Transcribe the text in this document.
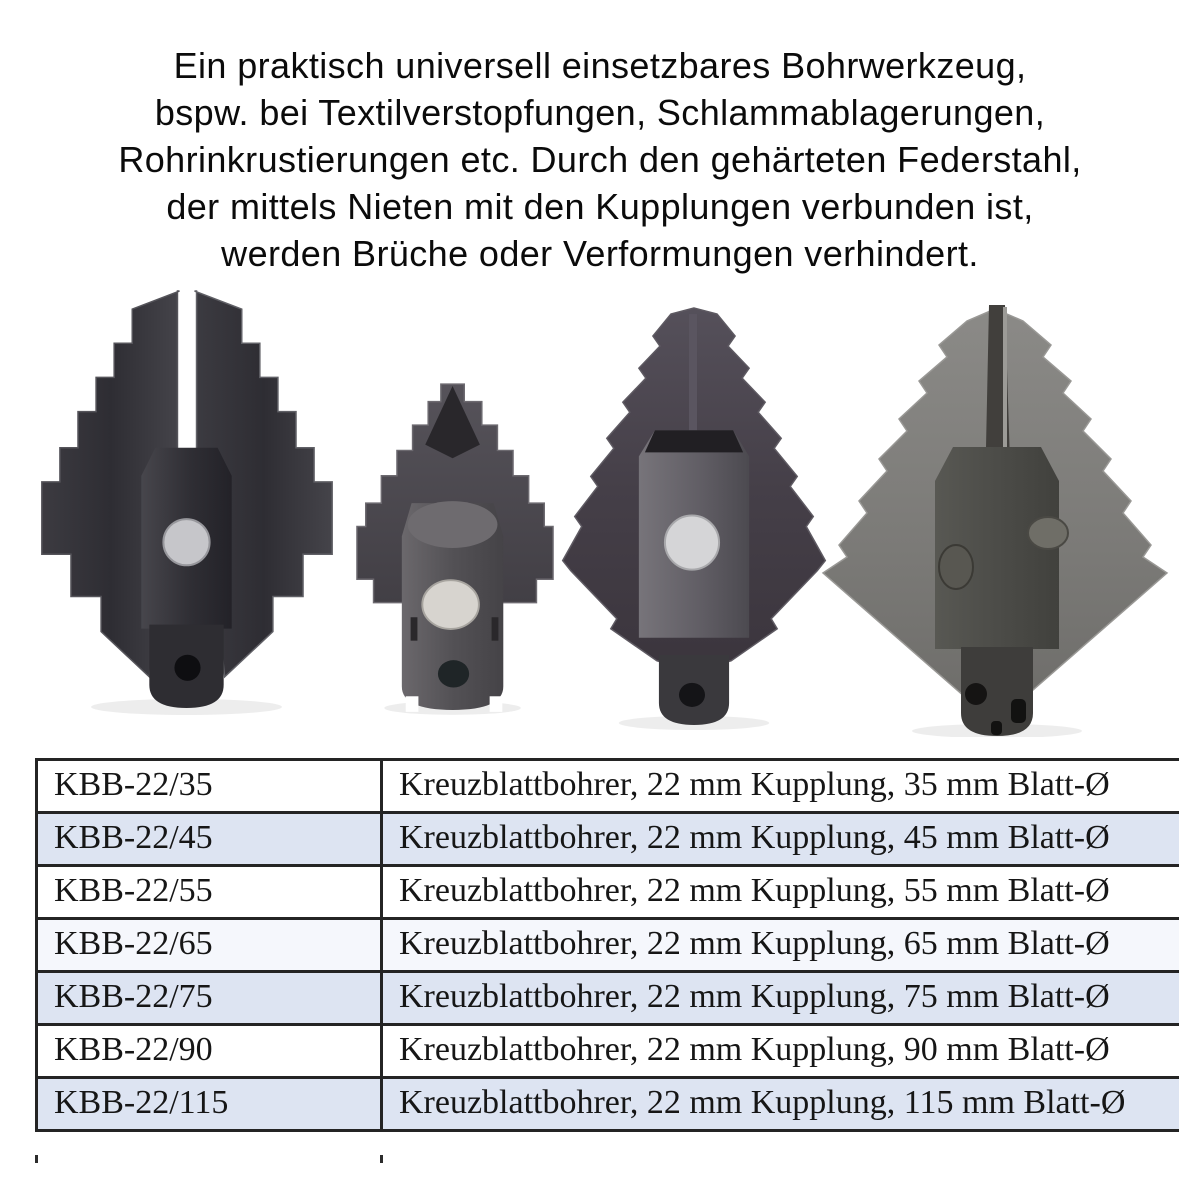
Ein praktisch universell einsetzbares Bohrwerkzeug,
bspw. bei Textilverstopfungen, Schlammablagerungen,
Rohrinkrustierungen etc. Durch den gehärteten Federstahl,
der mittels Nieten mit den Kupplungen verbunden ist,
werden Brüche oder Verformungen verhindert.
KBB-22/35	Kreuzblattbohrer, 22 mm Kupplung, 35 mm Blatt-Ø
KBB-22/45	Kreuzblattbohrer, 22 mm Kupplung, 45 mm Blatt-Ø
KBB-22/55	Kreuzblattbohrer, 22 mm Kupplung, 55 mm Blatt-Ø
KBB-22/65	Kreuzblattbohrer, 22 mm Kupplung, 65 mm Blatt-Ø
KBB-22/75	Kreuzblattbohrer, 22 mm Kupplung, 75 mm Blatt-Ø
KBB-22/90	Kreuzblattbohrer, 22 mm Kupplung, 90 mm Blatt-Ø
KBB-22/115	Kreuzblattbohrer, 22 mm Kupplung, 115 mm Blatt-Ø
